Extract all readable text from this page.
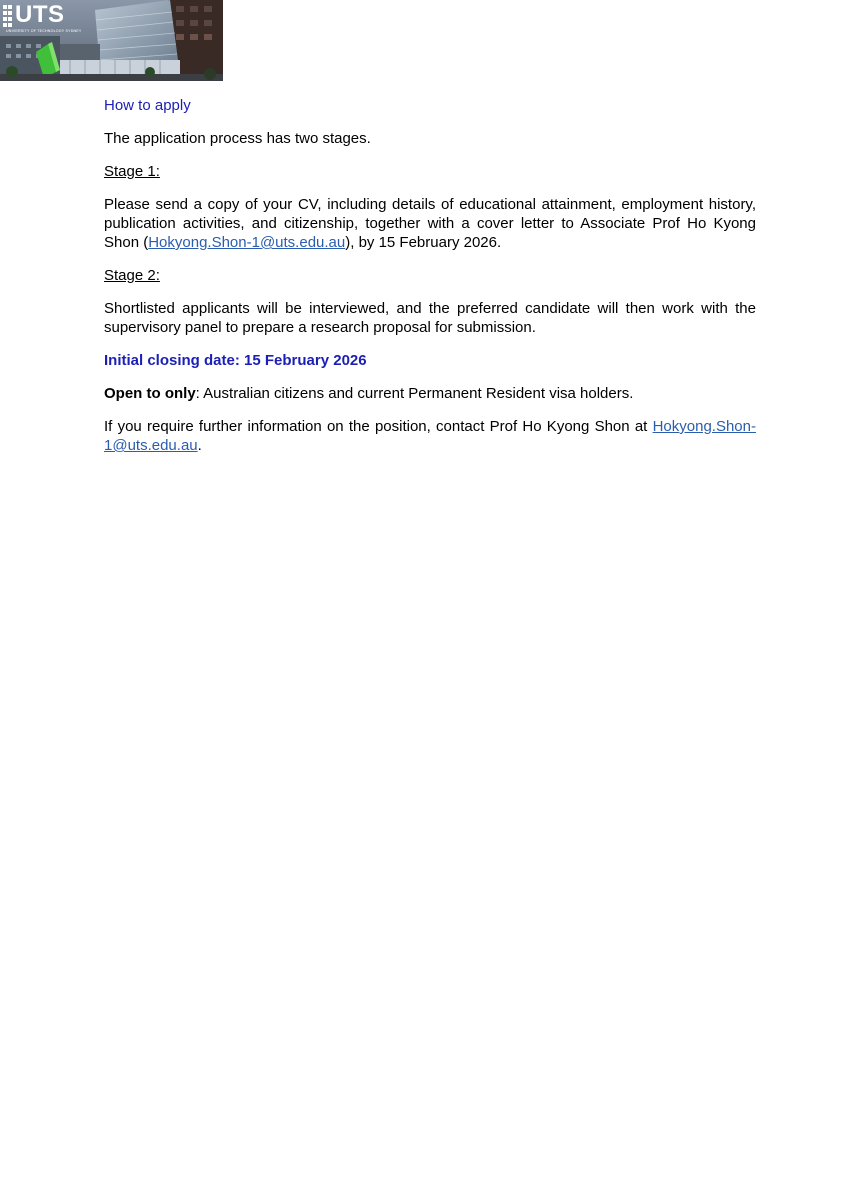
UTS
UNIVERSITY OF TECHNOLOGY SYDNEY

How to apply

The application process has two stages.

Stage 1:

Please send a copy of your CV, including details of educational attainment, employment history, publication activities, and citizenship, together with a cover letter to Associate Prof Ho Kyong Shon (Hokyong.Shon-1@uts.edu.au), by 15 February 2026.

Stage 2:

Shortlisted applicants will be interviewed, and the preferred candidate will then work with the supervisory panel to prepare a research proposal for submission.

Initial closing date: 15 February 2026

Open to only: Australian citizens and current Permanent Resident visa holders.

If you require further information on the position, contact Prof Ho Kyong Shon at Hokyong.Shon-1@uts.edu.au.
